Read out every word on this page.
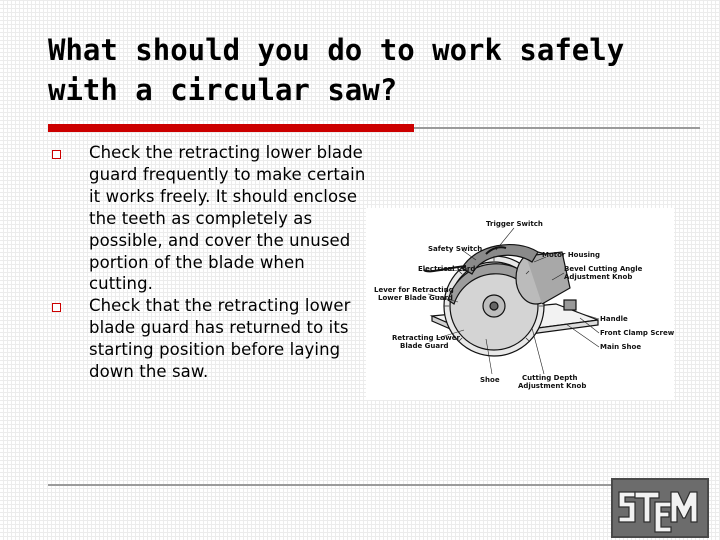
What should you do to work safely with a circular saw?
Check the retracting lower blade guard frequently to make certain it works freely. It should enclose the teeth as completely as possible, and cover the unused portion of the blade when cutting.
Check that the retracting lower blade guard has returned to its starting position before laying down the saw.
Trigger Switch
Safety Switch
Motor Housing
Electrical Cord	Bevel Cutting Angle
Adjustment Knob
Lever for Retracting
Lower Blade Guard
Handle
Front Clamp Screw
Retracting Lower
Blade Guard	Main Shoe
Shoe	Cutting Depth
Adjustment Knob
